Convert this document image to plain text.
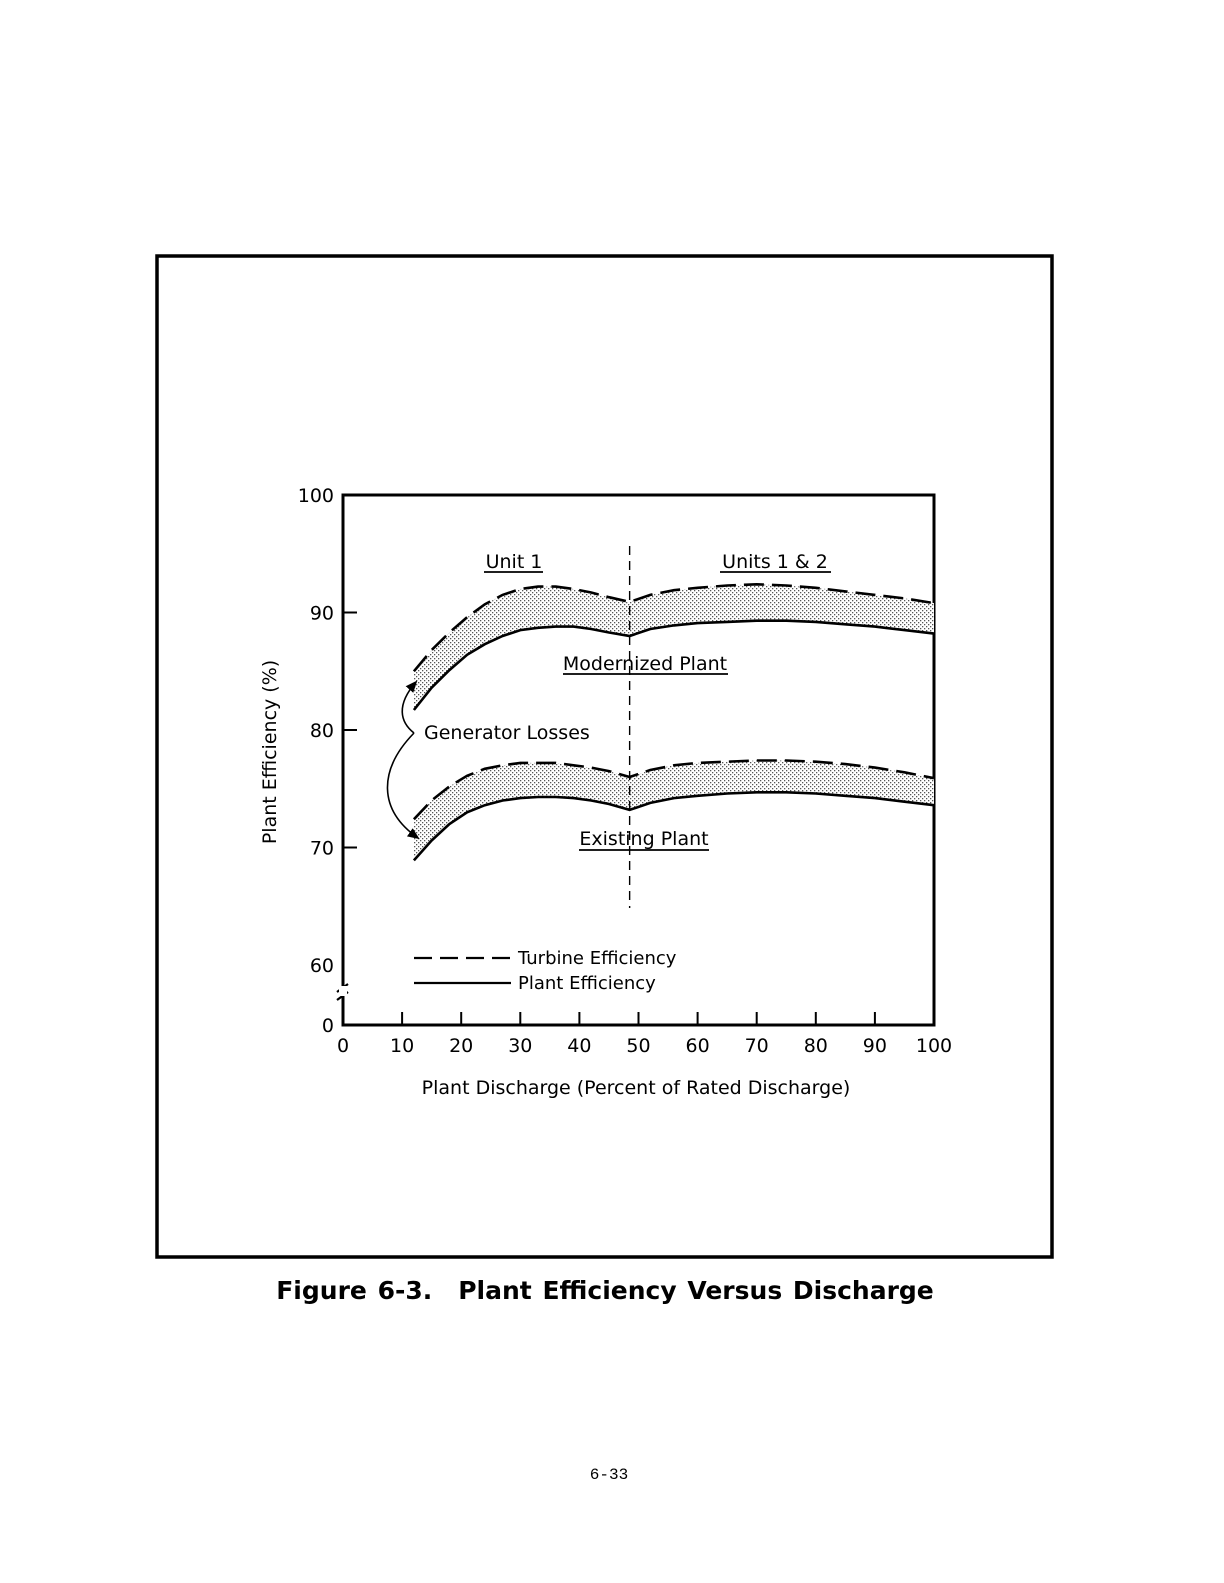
0 10 20 30 40 50 60 70 80 90 100
0
60
70
80
90
100
Unit 1	Units 1 & 2
Modernized Plant
Existing Plant
Generator Losses
Turbine Efficiency
Plant Efficiency
Plant Discharge (Percent of Rated Discharge)
Plant Efficiency (%)
Figure 6-3. Plant Efficiency Versus Discharge
6-33
